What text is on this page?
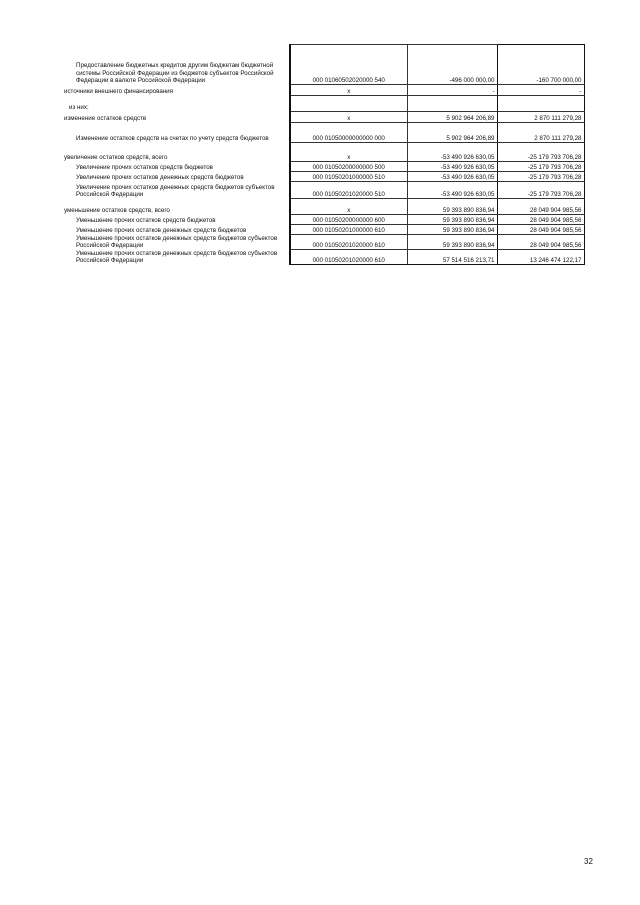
Предоставление бюджетных кредитов другим бюджетам бюджетной системы Российской Федерации из бюджетов субъектов Российской Федерации в валюте Российской Федерации	000 01060502020000 540	-496 000 000,00	-160 700 000,00
источники внешнего финансирования	x	-	-
из них:			
изменение остатков средств	x	5 902 964 206,89	2 870 111 279,28
Изменение остатков средств на счетах по учету средств бюджетов	000 01050000000000 000	5 902 964 206,89	2 870 111 279,28
увеличение остатков средств, всего	x	-53 490 926 630,05	-25 179 793 706,28
Увеличение прочих остатков средств бюджетов	000 01050200000000 500	-53 490 926 630,05	-25 179 793 706,28
Увеличение прочих остатков денежных средств бюджетов	000 01050201000000 510	-53 490 926 630,05	-25 179 793 706,28
Увеличение прочих остатков денежных средств бюджетов субъектов Российской Федерации	000 01050201020000 510	-53 490 926 630,05	-25 179 793 706,28
уменьшение остатков средств, всего	x	59 393 890 836,94	28 049 904 985,56
Уменьшение прочих остатков средств бюджетов	000 01050200000000 600	59 393 890 836,94	28 049 904 985,56
Уменьшение прочих остатков денежных средств бюджетов	000 01050201000000 610	59 393 890 836,94	28 049 904 985,56
Уменьшение прочих остатков денежных средств бюджетов субъектов Российской Федерации	000 01050201020000 610	59 393 890 836,94	28 049 904 985,56
Уменьшение прочих остатков денежных средств бюджетов субъектов Российской Федерации	000 01050201020000 610	57 514 516 213,71	13 246 474 122,17
32
